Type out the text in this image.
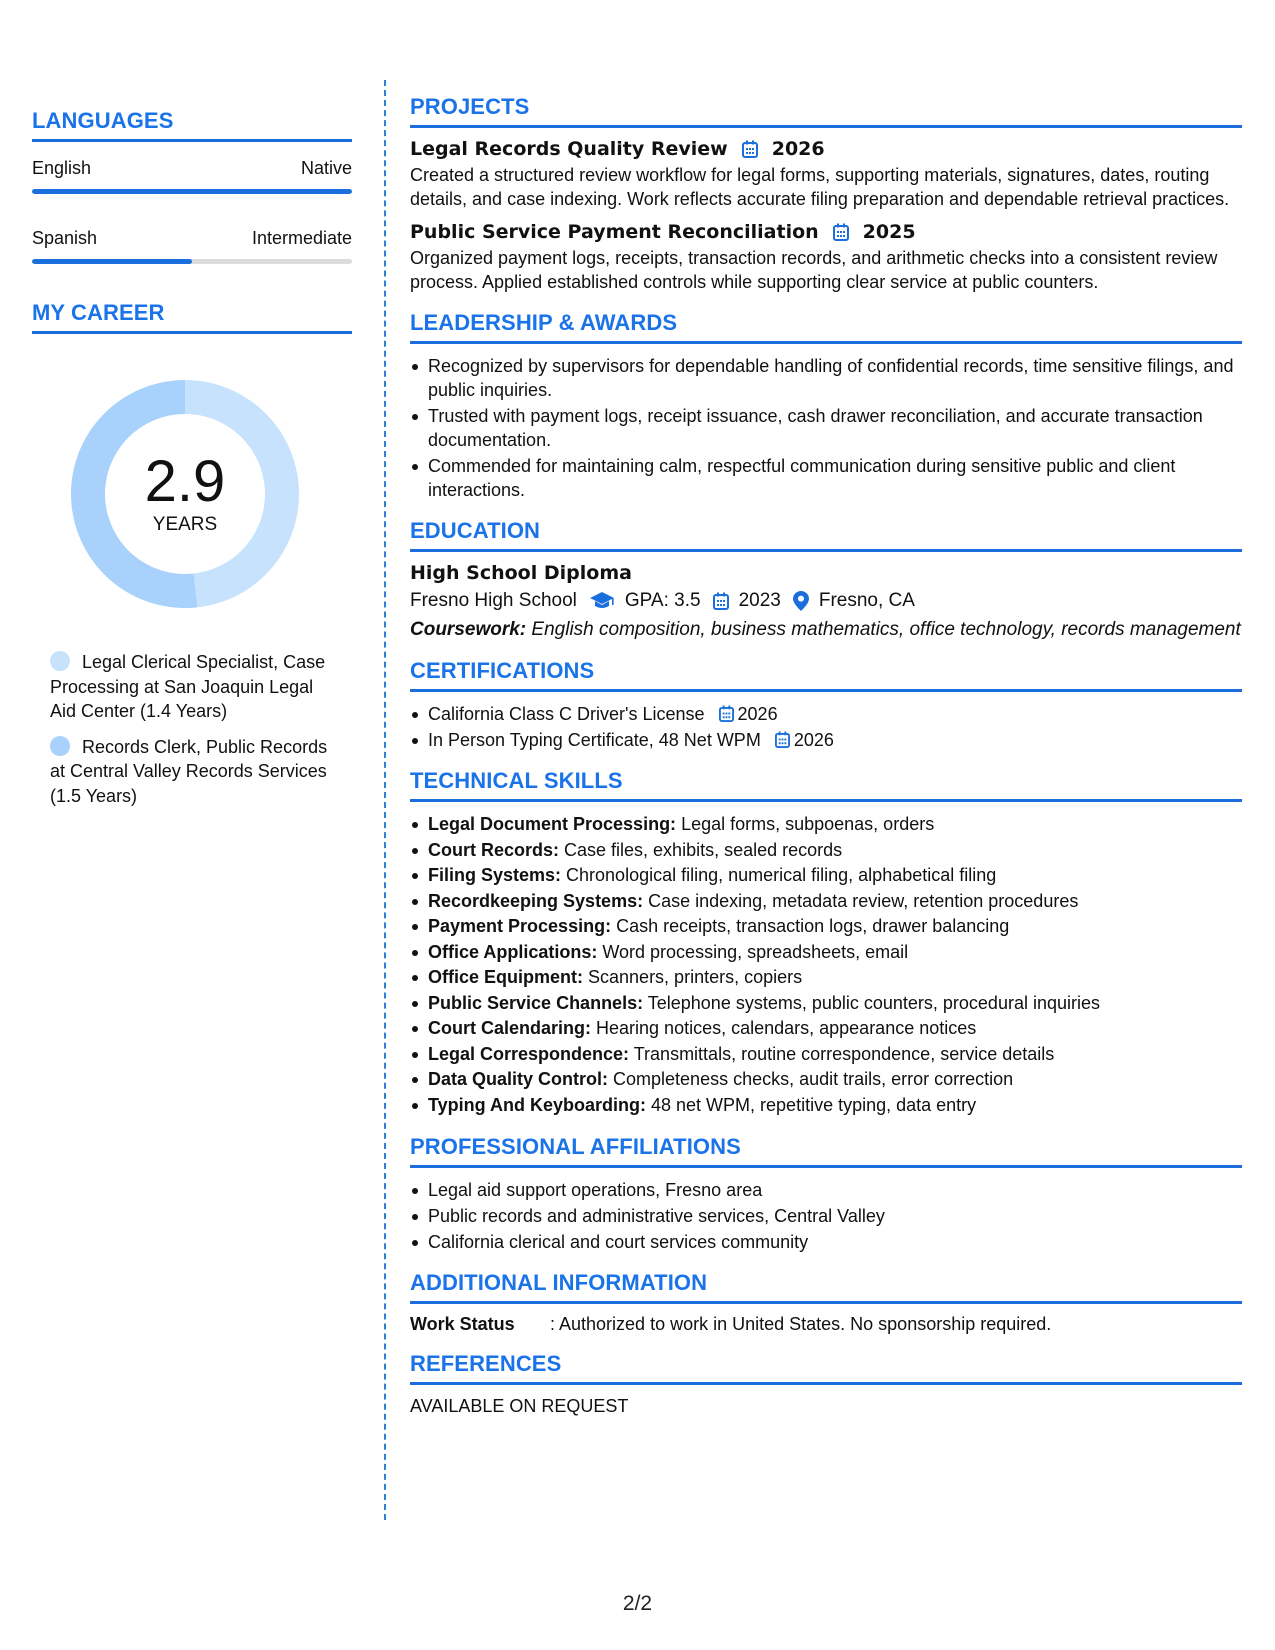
LANGUAGES
English	Native
Spanish	Intermediate
MY CAREER
2.9
YEARS
Legal Clerical Specialist, Case Processing at San Joaquin Legal Aid Center (1.4 Years)
Records Clerk, Public Records at Central Valley Records Services (1.5 Years)
PROJECTS
Legal Records Quality Review 2026
Created a structured review workflow for legal forms, supporting materials, signatures, dates, routing details, and case indexing. Work reflects accurate filing preparation and dependable retrieval practices.
Public Service Payment Reconciliation 2025
Organized payment logs, receipts, transaction records, and arithmetic checks into a consistent review process. Applied established controls while supporting clear service at public counters.
LEADERSHIP & AWARDS
Recognized by supervisors for dependable handling of confidential records, time sensitive filings, and public inquiries.
Trusted with payment logs, receipt issuance, cash drawer reconciliation, and accurate transaction documentation.
Commended for maintaining calm, respectful communication during sensitive public and client interactions.
EDUCATION
High School Diploma
Fresno High School	GPA: 3.5 2023 Fresno, CA
Coursework: English composition, business mathematics, office technology, records management
CERTIFICATIONS
California Class C Driver's License 2026
In Person Typing Certificate, 48 Net WPM 2026
TECHNICAL SKILLS
Legal Document Processing: Legal forms, subpoenas, orders
Court Records: Case files, exhibits, sealed records
Filing Systems: Chronological filing, numerical filing, alphabetical filing
Recordkeeping Systems: Case indexing, metadata review, retention procedures
Payment Processing: Cash receipts, transaction logs, drawer balancing
Office Applications: Word processing, spreadsheets, email
Office Equipment: Scanners, printers, copiers
Public Service Channels: Telephone systems, public counters, procedural inquiries
Court Calendaring: Hearing notices, calendars, appearance notices
Legal Correspondence: Transmittals, routine correspondence, service details
Data Quality Control: Completeness checks, audit trails, error correction
Typing And Keyboarding: 48 net WPM, repetitive typing, data entry
PROFESSIONAL AFFILIATIONS
Legal aid support operations, Fresno area
Public records and administrative services, Central Valley
California clerical and court services community
ADDITIONAL INFORMATION
Work Status	: Authorized to work in United States. No sponsorship required.
REFERENCES
AVAILABLE ON REQUEST
2/2
